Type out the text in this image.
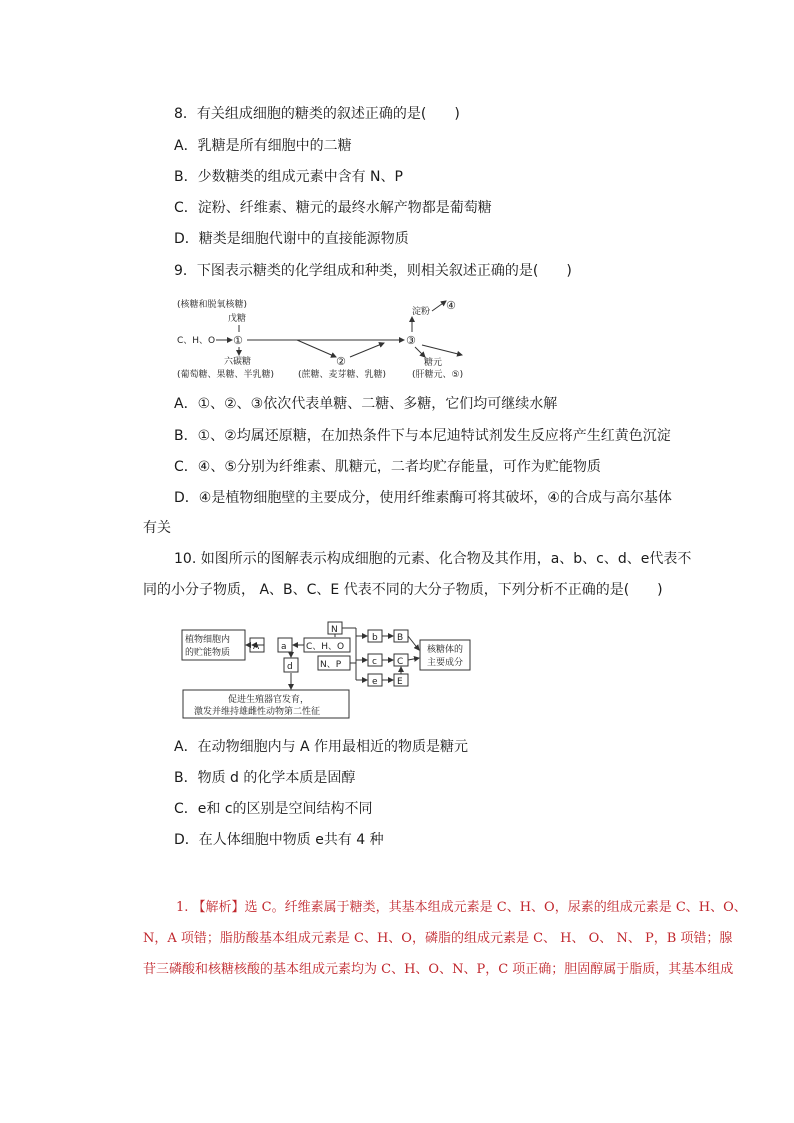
8．有关组成细胞的糖类的叙述正确的是(　　)
A．乳糖是所有细胞中的二糖
B．少数糖类的组成元素中含有 N、P
C．淀粉、纤维素、糖元的最终水解产物都是葡萄糖
D．糖类是细胞代谢中的直接能源物质
9．下图表示糖类的化学组成和种类，则相关叙述正确的是(　　)
(核糖和脱氧核糖)
戊糖
C、H、O ①
六碳糖
(葡萄糖、果糖、半乳糖)
②
(蔗糖、麦芽糖、乳糖)
③
淀粉 ④
糖元
(肝糖元、⑤)
A．①、②、③依次代表单糖、二糖、多糖，它们均可继续水解
B．①、②均属还原糖，在加热条件下与本尼迪特试剂发生反应将产生红黄色沉淀
C．④、⑤分别为纤维素、肌糖元，二者均贮存能量，可作为贮能物质
D．④是植物细胞壁的主要成分，使用纤维素酶可将其破坏，④的合成与高尔基体
有关
10. 如图所示的图解表示构成细胞的元素、化合物及其作用，a、b、c、d、e代表不
同的小分子物质， A、B、C、E 代表不同的大分子物质，下列分析不正确的是(　　)
植物细胞内
的贮能物质
A a C、H、O
N
N、P
d
b B
c C
e E
核糖体的
主要成分
促进生殖器官发育，
激发并维持雄雌性动物第二性征
A．在动物细胞内与 A 作用最相近的物质是糖元
B．物质 d 的化学本质是固醇
C．e和 c的区别是空间结构不同
D．在人体细胞中物质 e共有 4 种
1. 【解析】选 C。纤维素属于糖类，其基本组成元素是 C、H、O，尿素的组成元素是 C、H、O、
N，A 项错；脂肪酸基本组成元素是 C、H、O，磷脂的组成元素是 C、 H、 O、 N、 P，B 项错；腺
苷三磷酸和核糖核酸的基本组成元素均为 C、H、O、N、P，C 项正确；胆固醇属于脂质，其基本组成
